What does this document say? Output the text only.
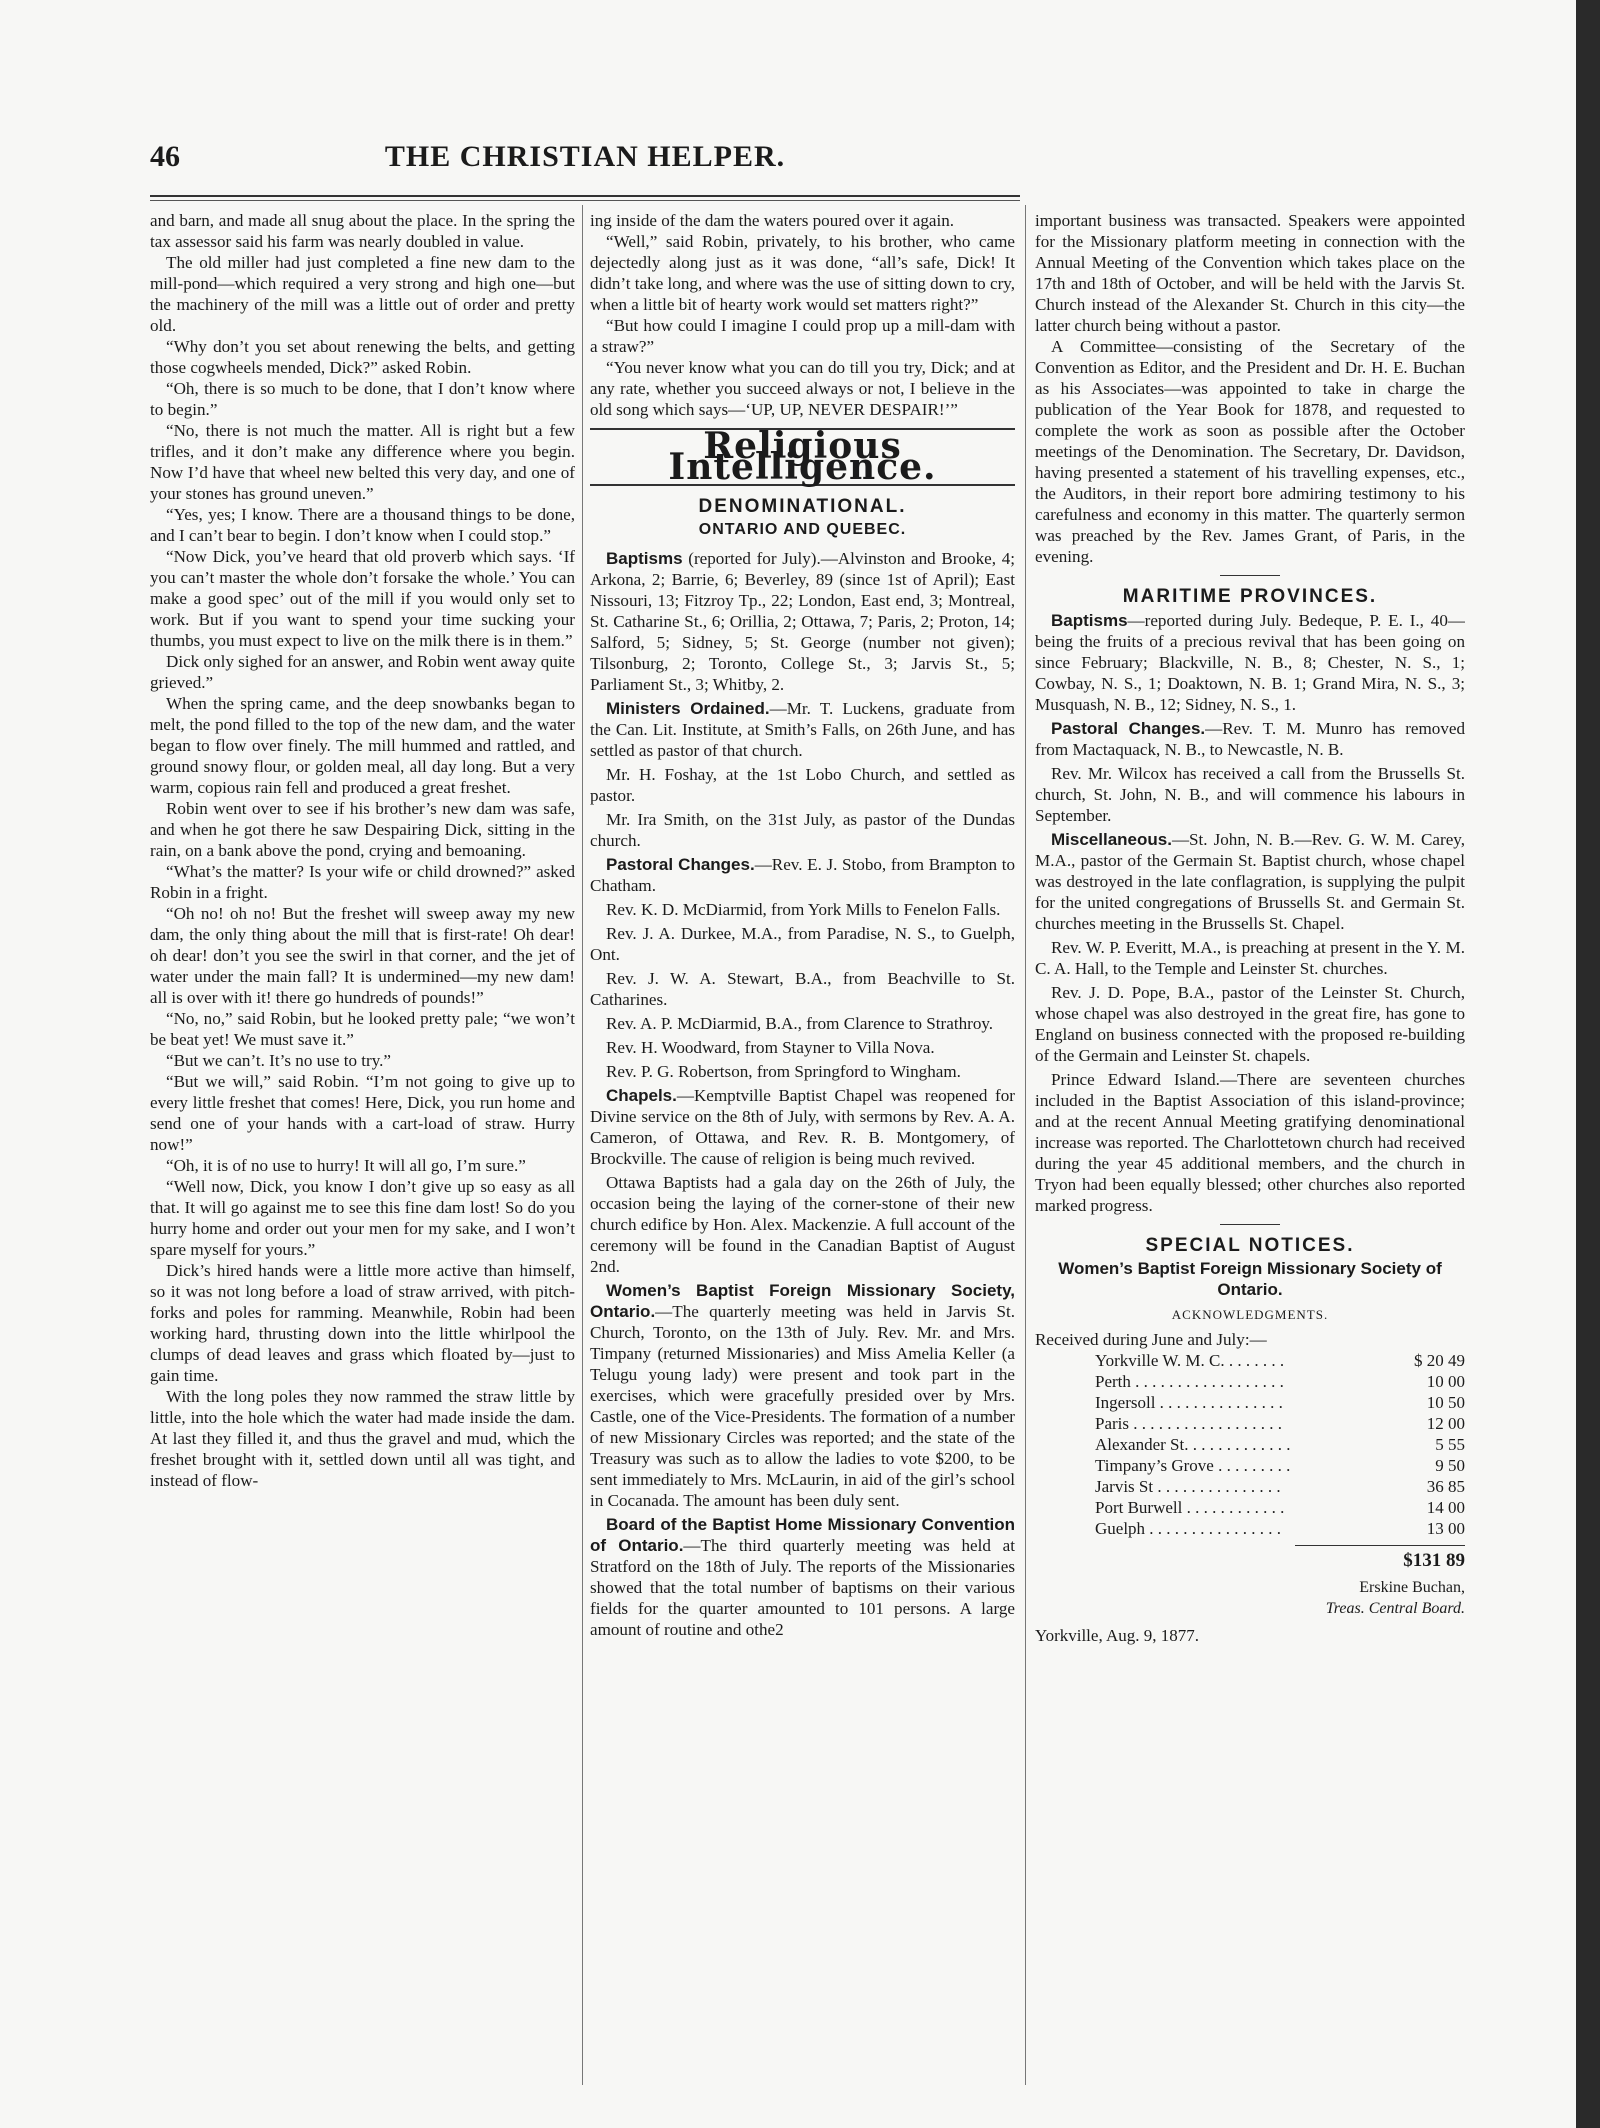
46	THE CHRISTIAN HELPER.

and barn, and made all snug about the place. In the spring the tax assessor said his farm was nearly doubled in value.

The old miller had just completed a fine new dam to the mill-pond—which required a very strong and high one—but the machinery of the mill was a little out of order and pretty old.

“Why don’t you set about renewing the belts, and getting those cogwheels mended, Dick?” asked Robin.

“Oh, there is so much to be done, that I don’t know where to begin.”

“No, there is not much the matter. All is right but a few trifles, and it don’t make any difference where you begin. Now I’d have that wheel new belted this very day, and one of your stones has ground uneven.”

“Yes, yes; I know. There are a thousand things to be done, and I can’t bear to begin. I don’t know when I could stop.”

“Now Dick, you’ve heard that old proverb which says. ‘If you can’t master the whole don’t forsake the whole.’ You can make a good spec’ out of the mill if you would only set to work. But if you want to spend your time sucking your thumbs, you must expect to live on the milk there is in them.”

Dick only sighed for an answer, and Robin went away quite grieved.”

When the spring came, and the deep snowbanks began to melt, the pond filled to the top of the new dam, and the water began to flow over finely. The mill hummed and rattled, and ground snowy flour, or golden meal, all day long. But a very warm, copious rain fell and produced a great freshet.

Robin went over to see if his brother’s new dam was safe, and when he got there he saw Despairing Dick, sitting in the rain, on a bank above the pond, crying and bemoaning.

“What’s the matter? Is your wife or child drowned?” asked Robin in a fright.

“Oh no! oh no! But the freshet will sweep away my new dam, the only thing about the mill that is first-rate! Oh dear! oh dear! don’t you see the swirl in that corner, and the jet of water under the main fall? It is undermined—my new dam! all is over with it! there go hundreds of pounds!”

“No, no,” said Robin, but he looked pretty pale; “we won’t be beat yet! We must save it.”

“But we can’t. It’s no use to try.”

“But we will,” said Robin. “I’m not going to give up to every little freshet that comes! Here, Dick, you run home and send one of your hands with a cart-load of straw. Hurry now!”

“Oh, it is of no use to hurry! It will all go, I’m sure.”

“Well now, Dick, you know I don’t give up so easy as all that. It will go against me to see this fine dam lost! So do you hurry home and order out your men for my sake, and I won’t spare myself for yours.”

Dick’s hired hands were a little more active than himself, so it was not long before a load of straw arrived, with pitch-forks and poles for ramming. Meanwhile, Robin had been working hard, thrusting down into the little whirlpool the clumps of dead leaves and grass which floated by—just to gain time.

With the long poles they now rammed the straw little by little, into the hole which the water had made inside the dam. At last they filled it, and thus the gravel and mud, which the freshet brought with it, settled down until all was tight, and instead of flow-

ing inside of the dam the waters poured over it again.

“Well,” said Robin, privately, to his brother, who came dejectedly along just as it was done, “all’s safe, Dick! It didn’t take long, and where was the use of sitting down to cry, when a little bit of hearty work would set matters right?”

“But how could I imagine I could prop up a mill-dam with a straw?”

“You never know what you can do till you try, Dick; and at any rate, whether you succeed always or not, I believe in the old song which says—‘UP, UP, NEVER DESPAIR!’”

Religious Intelligence.
DENOMINATIONAL.
ONTARIO AND QUEBEC.

Baptisms (reported for July).—Alvinston and Brooke, 4; Arkona, 2; Barrie, 6; Beverley, 89 (since 1st of April); East Nissouri, 13; Fitzroy Tp., 22; London, East end, 3; Montreal, St. Catharine St., 6; Orillia, 2; Ottawa, 7; Paris, 2; Proton, 14; Salford, 5; Sidney, 5; St. George (number not given); Tilsonburg, 2; Toronto, College St., 3; Jarvis St., 5; Parliament St., 3; Whitby, 2.

Ministers Ordained.—Mr. T. Luckens, graduate from the Can. Lit. Institute, at Smith’s Falls, on 26th June, and has settled as pastor of that church.

Mr. H. Foshay, at the 1st Lobo Church, and settled as pastor.

Mr. Ira Smith, on the 31st July, as pastor of the Dundas church.

Pastoral Changes.—Rev. E. J. Stobo, from Brampton to Chatham.

Rev. K. D. McDiarmid, from York Mills to Fenelon Falls.

Rev. J. A. Durkee, M.A., from Paradise, N. S., to Guelph, Ont.

Rev. J. W. A. Stewart, B.A., from Beachville to St. Catharines.

Rev. A. P. McDiarmid, B.A., from Clarence to Strathroy.

Rev. H. Woodward, from Stayner to Villa Nova.

Rev. P. G. Robertson, from Springford to Wingham.

Chapels.—Kemptville Baptist Chapel was reopened for Divine service on the 8th of July, with sermons by Rev. A. A. Cameron, of Ottawa, and Rev. R. B. Montgomery, of Brockville. The cause of religion is being much revived.

Ottawa Baptists had a gala day on the 26th of July, the occasion being the laying of the corner-stone of their new church edifice by Hon. Alex. Mackenzie. A full account of the ceremony will be found in the Canadian Baptist of August 2nd.

Women’s Baptist Foreign Missionary Society, Ontario.—The quarterly meeting was held in Jarvis St. Church, Toronto, on the 13th of July. Rev. Mr. and Mrs. Timpany (returned Missionaries) and Miss Amelia Keller (a Telugu young lady) were present and took part in the exercises, which were gracefully presided over by Mrs. Castle, one of the Vice-Presidents. The formation of a number of new Missionary Circles was reported; and the state of the Treasury was such as to allow the ladies to vote $200, to be sent immediately to Mrs. McLaurin, in aid of the girl’s school in Cocanada. The amount has been duly sent.

Board of the Baptist Home Missionary Convention of Ontario.—The third quarterly meeting was held at Stratford on the 18th of July. The reports of the Missionaries showed that the total number of baptisms on their various fields for the quarter amounted to 101 persons. A large amount of routine and othe2

important business was transacted. Speakers were appointed for the Missionary platform meeting in connection with the Annual Meeting of the Convention which takes place on the 17th and 18th of October, and will be held with the Jarvis St. Church instead of the Alexander St. Church in this city—the latter church being without a pastor.

A Committee—consisting of the Secretary of the Convention as Editor, and the President and Dr. H. E. Buchan as his Associates—was appointed to take in charge the publication of the Year Book for 1878, and requested to complete the work as soon as possible after the October meetings of the Denomination. The Secretary, Dr. Davidson, having presented a statement of his travelling expenses, etc., the Auditors, in their report bore admiring testimony to his carefulness and economy in this matter. The quarterly sermon was preached by the Rev. James Grant, of Paris, in the evening.

MARITIME PROVINCES.

Baptisms—reported during July. Bedeque, P. E. I., 40—being the fruits of a precious revival that has been going on since February; Blackville, N. B., 8; Chester, N. S., 1; Cowbay, N. S., 1; Doaktown, N. B. 1; Grand Mira, N. S., 3; Musquash, N. B., 12; Sidney, N. S., 1.

Pastoral Changes.—Rev. T. M. Munro has removed from Mactaquack, N. B., to Newcastle, N. B.

Rev. Mr. Wilcox has received a call from the Brussells St. church, St. John, N. B., and will commence his labours in September.

Miscellaneous.—St. John, N. B.—Rev. G. W. M. Carey, M.A., pastor of the Germain St. Baptist church, whose chapel was destroyed in the late conflagration, is supplying the pulpit for the united congregations of Brussells St. and Germain St. churches meeting in the Brussells St. Chapel.

Rev. W. P. Everitt, M.A., is preaching at present in the Y. M. C. A. Hall, to the Temple and Leinster St. churches.

Rev. J. D. Pope, B.A., pastor of the Leinster St. Church, whose chapel was also destroyed in the great fire, has gone to England on business connected with the proposed re-building of the Germain and Leinster St. chapels.

Prince Edward Island.—There are seventeen churches included in the Baptist Association of this island-province; and at the recent Annual Meeting gratifying denominational increase was reported. The Charlottetown church had received during the year 45 additional members, and the church in Tryon had been equally blessed; other churches also reported marked progress.

SPECIAL NOTICES.
Women’s Baptist Foreign Missionary Society of Ontario.
ACKNOWLEDGMENTS.
Received during June and July:—
Yorkville W. M. C. . . . . . . .	$ 20 49
Perth . . . . . . . . . . . . . . . . . .	10 00
Ingersoll . . . . . . . . . . . . . . .	10 50
Paris . . . . . . . . . . . . . . . . . .	12 00
Alexander St. . . . . . . . . . . . .	5 55
Timpany’s Grove . . . . . . . . .	9 50
Jarvis St . . . . . . . . . . . . . . .	36 85
Port Burwell . . . . . . . . . . . .	14 00
Guelph . . . . . . . . . . . . . . . .	13 00
$131 89
Erskine Buchan,
Treas. Central Board.
Yorkville, Aug. 9, 1877.
